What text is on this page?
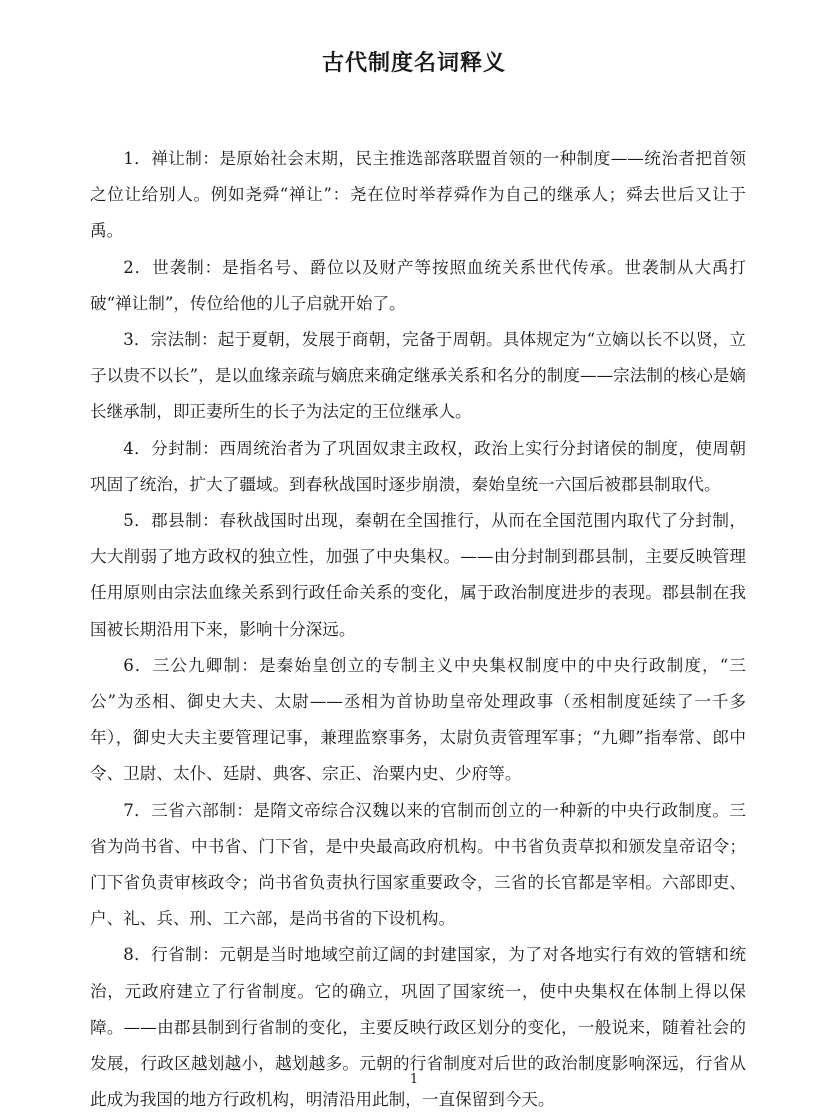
古代制度名词释义

1．禅让制：是原始社会末期，民主推选部落联盟首领的一种制度——统治者把首领之位让给别人。例如尧舜“禅让”：尧在位时举荐舜作为自己的继承人；舜去世后又让于禹。

2．世袭制：是指名号、爵位以及财产等按照血统关系世代传承。世袭制从大禹打破“禅让制”，传位给他的儿子启就开始了。

3．宗法制：起于夏朝，发展于商朝，完备于周朝。具体规定为“立嫡以长不以贤，立子以贵不以长”，是以血缘亲疏与嫡庶来确定继承关系和名分的制度——宗法制的核心是嫡长继承制，即正妻所生的长子为法定的王位继承人。

4．分封制：西周统治者为了巩固奴隶主政权，政治上实行分封诸侯的制度，使周朝巩固了统治，扩大了疆域。到春秋战国时逐步崩溃，秦始皇统一六国后被郡县制取代。

5．郡县制：春秋战国时出现，秦朝在全国推行，从而在全国范围内取代了分封制，大大削弱了地方政权的独立性，加强了中央集权。——由分封制到郡县制，主要反映管理任用原则由宗法血缘关系到行政任命关系的变化，属于政治制度进步的表现。郡县制在我国被长期沿用下来，影响十分深远。

6．三公九卿制：是秦始皇创立的专制主义中央集权制度中的中央行政制度，“三公”为丞相、御史大夫、太尉——丞相为首协助皇帝处理政事（丞相制度延续了一千多年），御史大夫主要管理记事，兼理监察事务，太尉负责管理军事；“九卿”指奉常、郎中令、卫尉、太仆、廷尉、典客、宗正、治粟内史、少府等。

7．三省六部制：是隋文帝综合汉魏以来的官制而创立的一种新的中央行政制度。三省为尚书省、中书省、门下省，是中央最高政府机构。中书省负责草拟和颁发皇帝诏令；门下省负责审核政令；尚书省负责执行国家重要政令，三省的长官都是宰相。六部即吏、户、礼、兵、刑、工六部，是尚书省的下设机构。

8．行省制：元朝是当时地域空前辽阔的封建国家，为了对各地实行有效的管辖和统治，元政府建立了行省制度。它的确立，巩固了国家统一，使中央集权在体制上得以保障。——由郡县制到行省制的变化，主要反映行政区划分的变化，一般说来，随着社会的发展，行政区越划越小，越划越多。元朝的行省制度对后世的政治制度影响深远，行省从此成为我国的地方行政机构，明清沿用此制，一直保留到今天。

1
